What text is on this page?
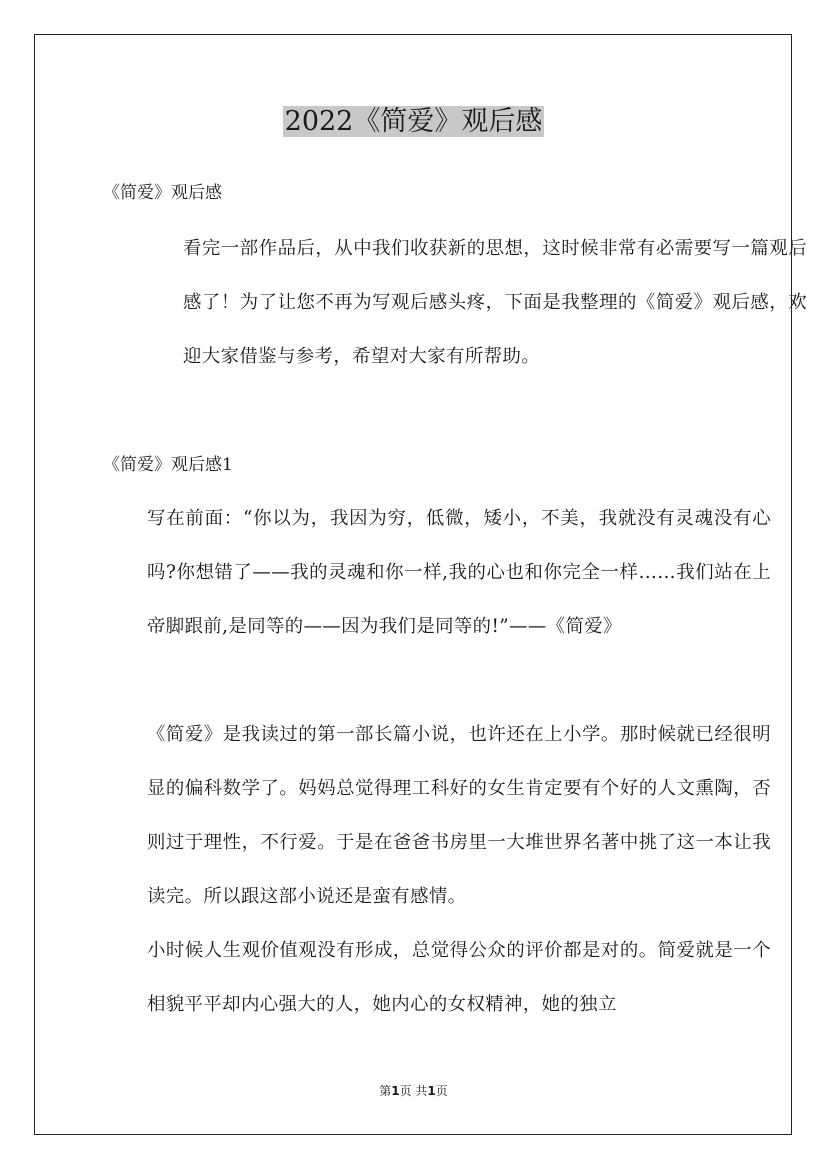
2022《简爱》观后感

《简爱》观后感

看完一部作品后，从中我们收获新的思想，这时候非常有必需要写一篇观后感了！为了让您不再为写观后感头疼，下面是我整理的《简爱》观后感，欢迎大家借鉴与参考，希望对大家有所帮助。

《简爱》观后感1

写在前面：“你以为，我因为穷，低微，矮小，不美，我就没有灵魂没有心吗?你想错了——我的灵魂和你一样,我的心也和你完全一样……我们站在上帝脚跟前,是同等的——因为我们是同等的!”——《简爱》

《简爱》是我读过的第一部长篇小说，也许还在上小学。那时候就已经很明显的偏科数学了。妈妈总觉得理工科好的女生肯定要有个好的人文熏陶，否则过于理性，不行爱。于是在爸爸书房里一大堆世界名著中挑了这一本让我读完。所以跟这部小说还是蛮有感情。

小时候人生观价值观没有形成，总觉得公众的评价都是对的。简爱就是一个相貌平平却内心强大的人，她内心的女权精神，她的独立

第1页 共1页
